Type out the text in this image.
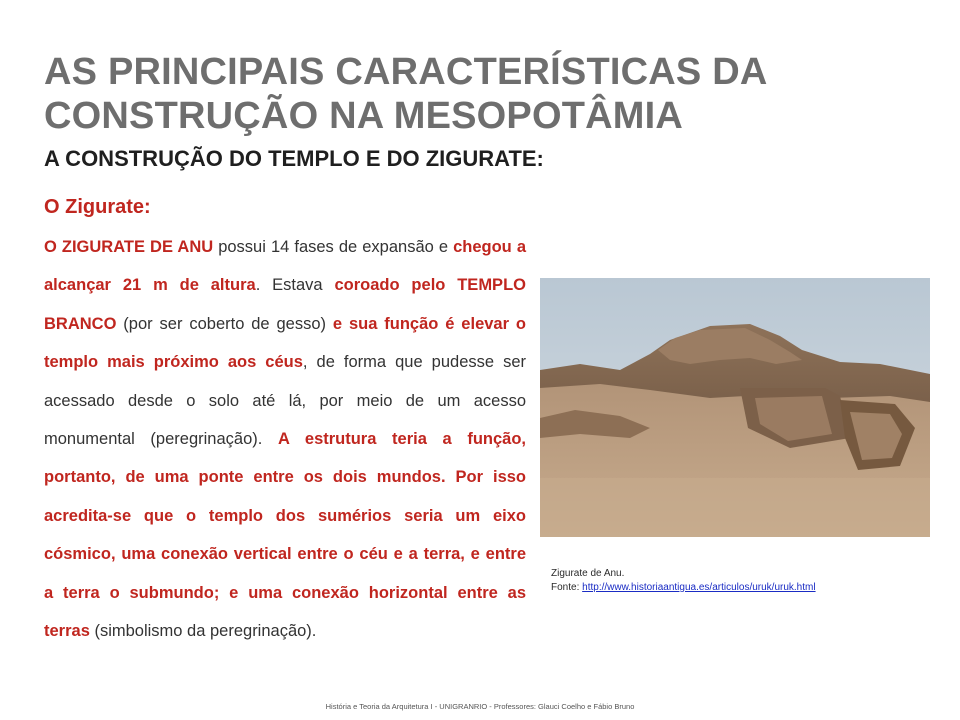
AS PRINCIPAIS CARACTERÍSTICAS DA
CONSTRUÇÃO NA MESOPOTÂMIA
A CONSTRUÇÃO DO TEMPLO E DO ZIGURATE:
O Zigurate:
O ZIGURATE DE ANU possui 14 fases de expansão e chegou a alcançar 21 m de altura. Estava coroado pelo TEMPLO BRANCO (por ser coberto de gesso) e sua função é elevar o templo mais próximo aos céus, de forma que pudesse ser acessado desde o solo até lá, por meio de um acesso monumental (peregrinação). A estrutura teria a função, portanto, de uma ponte entre os dois mundos. Por isso acredita-se que o templo dos sumérios seria um eixo cósmico, uma conexão vertical entre o céu e a terra, e entre a terra o submundo; e uma conexão horizontal entre as terras (simbolismo da peregrinação).
Zigurate de Anu.
Fonte: http://www.historiaantigua.es/articulos/uruk/uruk.html
História e Teoria da Arquitetura I - UNIGRANRIO - Professores: Glauci Coelho e Fábio Bruno
